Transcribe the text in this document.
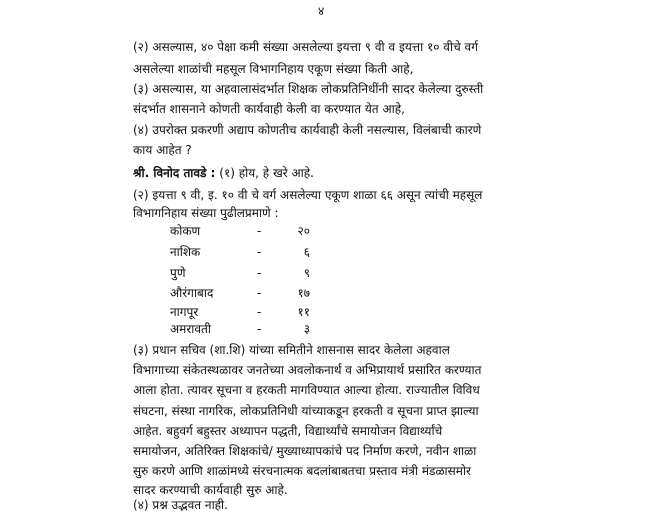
४
(२) असल्यास, ४० पेक्षा कमी संख्या असलेल्या इयत्ता ९ वी व इयत्ता १० वीचे वर्ग
असलेल्या शाळांची महसूल विभागनिहाय एकूण संख्या किती आहे,
(३) असल्यास, या अहवालासंदर्भात शिक्षक लोकप्रतिनिधींनी सादर केलेल्या दुरुस्ती
संदर्भात शासनाने कोणती कार्यवाही केली वा करण्यात येत आहे,
(४) उपरोक्त प्रकरणी अद्याप कोणतीच कार्यवाही केली नसल्यास, विलंबाची कारणे
काय आहेत ?
श्री. विनोद तावडे : (१) होय, हे खरे आहे.
(२) इयत्ता ९ वी, इ. १० वी चे वर्ग असलेल्या एकूण शाळा ६६ असून त्यांची महसूल
विभागनिहाय संख्या पुढीलप्रमाणे :
कोकण	-	२०
नाशिक	-	६
पुणे	-	९
औरंगाबाद	-	१७
नागपूर	-	११
अमरावती	-	३
(३) प्रधान सचिव (शा.शि) यांच्या समितीने शासनास सादर केलेला अहवाल
विभागाच्या संकेतस्थळावर जनतेच्या अवलोकनार्थ व अभिप्रायार्थ प्रसारित करण्यात
आला होता. त्यावर सूचना व हरकती मागविण्यात आल्या होत्या. राज्यातील विविध
संघटना, संस्था नागरिक, लोकप्रतिनिधी यांच्याकडून हरकती व सूचना प्राप्त झाल्या
आहेत. बहुवर्ग बहुस्तर अध्यापन पद्धती, विद्यार्थ्यांचे समायोजन विद्यार्थ्यांचे
समायोजन, अतिरिक्त शिक्षकांचे/ मुख्याध्यापकांचे पद निर्माण करणे, नवीन शाळा
सुरु करणे आणि शाळांमध्ये संरचनात्मक बदलांबाबतचा प्रस्ताव मंत्री मंडळासमोर
सादर करण्याची कार्यवाही सुरु आहे.
(४) प्रश्न उद्भवत नाही.
